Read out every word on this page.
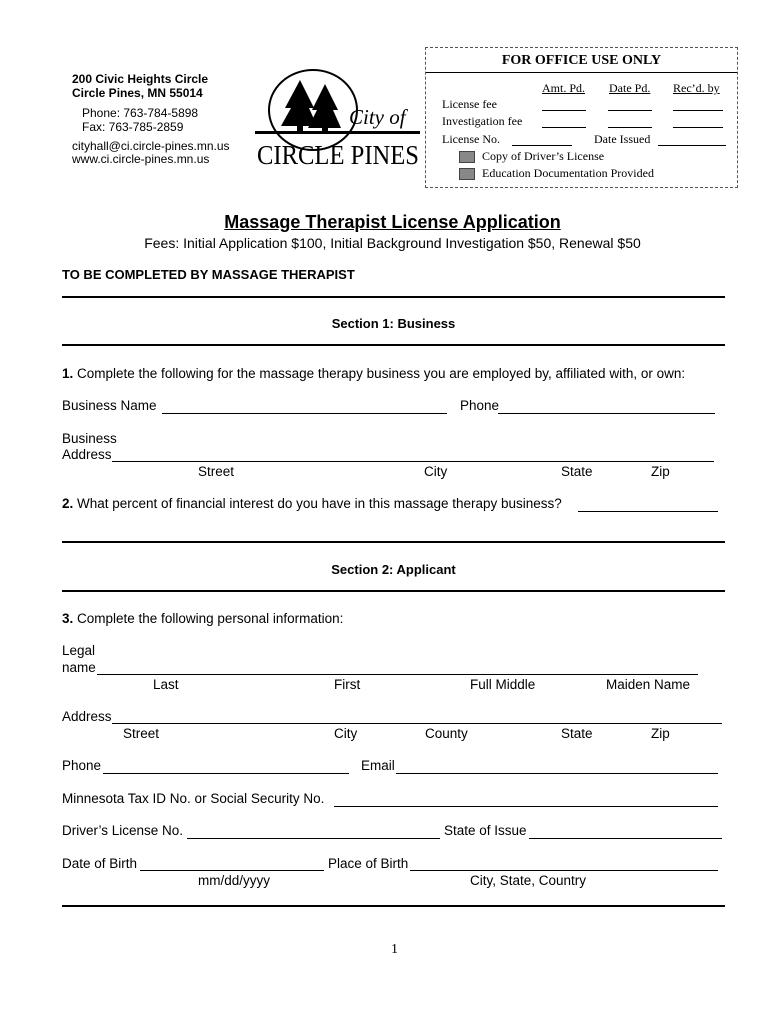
200 Civic Heights Circle
Circle Pines, MN 55014
Phone: 763-784-5898
Fax: 763-785-2859
cityhall@ci.circle-pines.mn.us
www.ci.circle-pines.mn.us
City of
CIRCLE PINES
FOR OFFICE USE ONLY
Amt. Pd. Date Pd. Rec’d. by
License fee
Investigation fee
License No.	Date Issued
Copy of Driver’s License
Education Documentation Provided
Massage Therapist License Application
Fees: Initial Application $100, Initial Background Investigation $50, Renewal $50
TO BE COMPLETED BY MASSAGE THERAPIST
Section 1: Business
1. Complete the following for the massage therapy business you are employed by, affiliated with, or own:
Business Name	Phone
Business
Address
Street	City	State	Zip
2. What percent of financial interest do you have in this massage therapy business?
Section 2: Applicant
3. Complete the following personal information:
Legal
name
Last	First	Full Middle	Maiden Name
Address
Street	City	County	State	Zip
Phone	Email
Minnesota Tax ID No. or Social Security No.
Driver’s License No.	State of Issue
Date of Birth	Place of Birth
mm/dd/yyyy	City, State, Country
1
